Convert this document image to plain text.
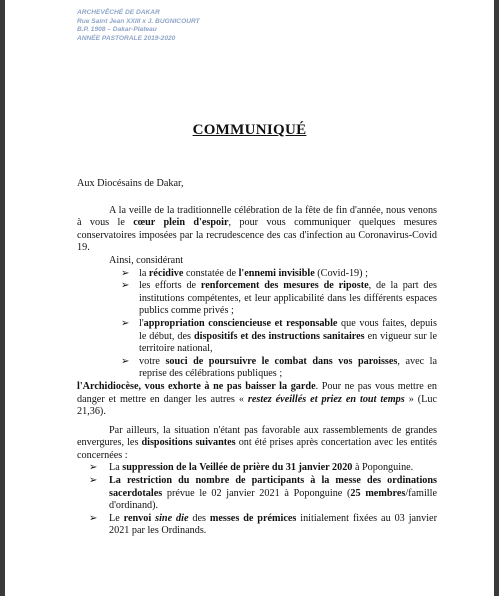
ARCHEVÊCHÉ DE DAKAR
Rue Saint Jean XXIII x J. BUGNICOURT
B.P. 1908 – Dakar-Plateau
ANNÉE PASTORALE 2019-2020
COMMUNIQUÉ

Aux Diocésains de Dakar,

A la veille de la traditionnelle célébration de la fête de fin d'année, nous venons à vous le cœur plein d'espoir, pour vous communiquer quelques mesures conservatoires imposées par la recrudescence des cas d'infection au Coronavirus-Covid 19.

Ainsi, considérant

➢ la récidive constatée de l'ennemi invisible (Covid-19) ;

➢ les efforts de renforcement des mesures de riposte, de la part des institutions compétentes, et leur applicabilité dans les différents espaces publics comme privés ;

➢ l'appropriation consciencieuse et responsable que vous faites, depuis le début, des dispositifs et des instructions sanitaires en vigueur sur le territoire national,

➢ votre souci de poursuivre le combat dans vos paroisses, avec la reprise des célébrations publiques ;

l'Archidiocèse, vous exhorte à ne pas baisser la garde. Pour ne pas vous mettre en danger et mettre en danger les autres « restez éveillés et priez en tout temps » (Luc 21,36).

Par ailleurs, la situation n'étant pas favorable aux rassemblements de grandes envergures, les dispositions suivantes ont été prises après concertation avec les entités concernées :

➢ La suppression de la Veillée de prière du 31 janvier 2020 à Poponguine.

➢ La restriction du nombre de participants à la messe des ordinations sacerdotales prévue le 02 janvier 2021 à Poponguine (25 membres/famille d'ordinand).

➢ Le renvoi sine die des messes de prémices initialement fixées au 03 janvier 2021 par les Ordinands.
